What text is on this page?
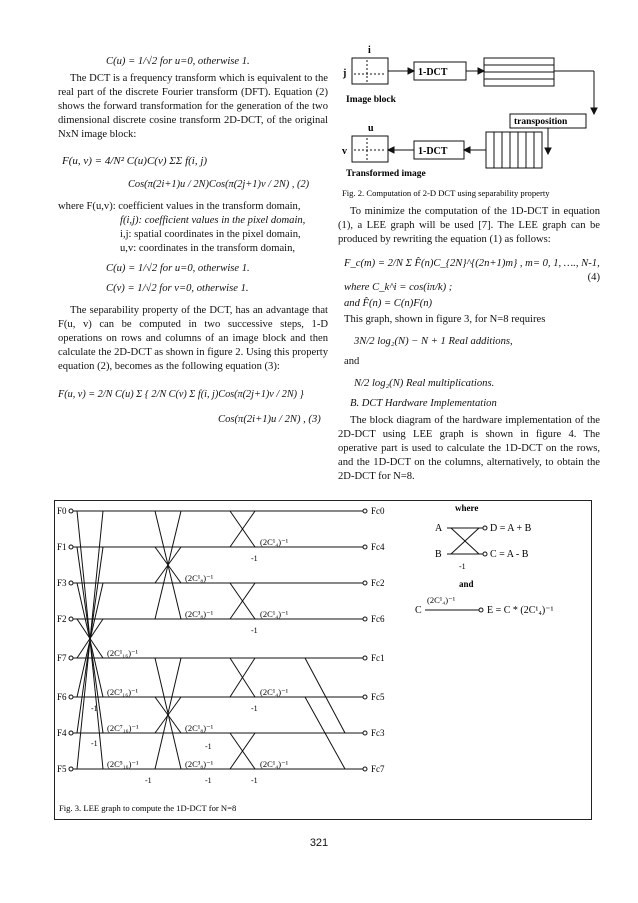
C(u) = 1/√2 for u=0, otherwise 1.

The DCT is a frequency transform which is equivalent to the real part of the discrete Fourier transform (DFT). Equation (2) shows the forward transformation for the generation of the two dimensional discrete cosine transform 2D-DCT, of the original NxN image block:

F(u, v) = 4/N² C(u)C(v) ΣΣ f(i, j)
Cos(π(2i+1)u / 2N)Cos(π(2j+1)v / 2N) , (2)
where F(u,v): coefficient values in the transform domain,
f(i,j): coefficient values in the pixel domain,
i,j: spatial coordinates in the pixel domain,
u,v: coordinates in the transform domain,
C(u) = 1/√2 for u=0, otherwise 1.
C(v) = 1/√2 for v=0, otherwise 1.

The separability property of the DCT, has an advantage that F(u, v) can be computed in two successive steps, 1-D operations on rows and columns of an image block and then calculate the 2D-DCT as shown in figure 2. Using this property equation (2), becomes as the following equation (3):

F(u, v) = 2/N C(u) Σ { 2/N C(v) Σ f(i, j)Cos(π(2j+1)v / 2N) }
Cos(π(2i+1)u / 2N) , (3)
i
j
Image block
1-DCT
transposition
u
v	1-DCT
Transformed image
Fig. 2. Computation of 2-D DCT using separability property

To minimize the computation of the 1D-DCT in equation (1), a LEE graph will be used [7]. The LEE graph can be produced by rewriting the equation (1) as follows:

F_c(m) = 2/N Σ F̂(n)C_{2N}^{(2n+1)m} , m= 0, 1, …., N-1,
(4)
where C_k^i = cos(iπ/k) ;
and F̂(n) = C(n)F(n)
This graph, shown in figure 3, for N=8 requires
3N/2 log₂(N) − N + 1 Real additions,
and
N/2 log₂(N) Real multiplications.
B. DCT Hardware Implementation

The block diagram of the hardware implementation of the 2D-DCT using LEE graph is shown in figure 4. The operative part is used to calculate the 1D-DCT on the rows, and the 1D-DCT on the columns, alternatively, to obtain the 2D-DCT for N=8.

F0	Fc0
F1	Fc4
F3	Fc2
F2	Fc6
F7	Fc1
F6	Fc5
F4	Fc3
F5	Fc7
(2C¹₁₆)⁻¹
(2C³₁₆)⁻¹
(2C⁷₁₆)⁻¹
(2C⁵₁₆)⁻¹
(2C¹₈)⁻¹
(2C³₈)⁻¹
(2C¹₈)⁻¹
(2C³₈)⁻¹
-1
-1
-1
-1
(2C¹₄)⁻¹
(2C¹₄)⁻¹
(2C¹₄)⁻¹
(2C¹₄)⁻¹
-1
-1
-1	-1
-1
where
A
B
D = A + B
C = A - B
-1
and
C
(2C¹₄)⁻¹
E = C * (2C¹₄)⁻¹
Fig. 3. LEE graph to compute the 1D-DCT for N=8
321
